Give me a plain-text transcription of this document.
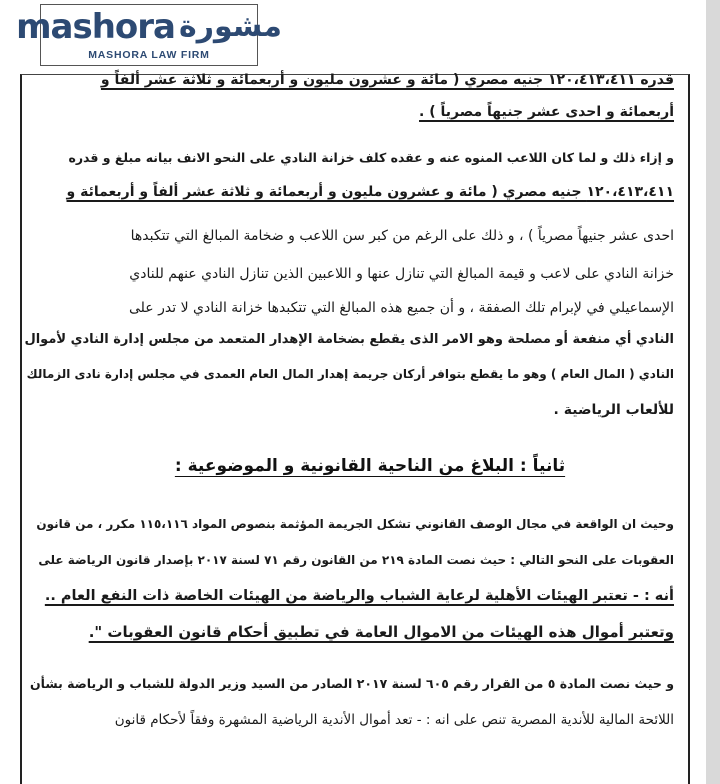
mashora مشورة
MASHORA LAW FIRM
قدره ١٢٠،٤١٣،٤١١ جنيه مصري ( مائة و عشرون مليون و أربعمائة و ثلاثة عشر ألفاً و
أربعمائة و احدى عشر جنيهاً مصرياً ) .
و إزاء ذلك و لما كان اللاعب المنوه عنه و عقده كلف خزانة النادي على النحو الانف بيانه مبلغ و قدره
١٢٠،٤١٣،٤١١ جنيه مصري ( مائة و عشرون مليون و أربعمائة و ثلاثة عشر ألفاً و أربعمائة و
احدى عشر جنيهاً مصرياً ) ، و ذلك على الرغم من كبر سن اللاعب و ضخامة المبالغ التي تتكبدها
خزانة النادي على لاعب و قيمة المبالغ التي تنازل عنها و اللاعبين الذين تنازل النادي عنهم للنادي
الإسماعيلي في لإبرام تلك الصفقة ، و أن جميع هذه المبالغ التي تتكبدها خزانة النادي لا تدر على
النادي أي منفعة أو مصلحة وهو الامر الذى يقطع بضخامة الإهدار المتعمد من مجلس إدارة النادي لأموال
النادي ( المال العام ) وهو ما يقطع بتوافر أركان جريمة إهدار المال العام العمدى في مجلس إدارة نادى الزمالك
للألعاب الرياضية .
ثانياً : البلاغ من الناحية القانونية و الموضوعية :
وحيث ان الواقعة في مجال الوصف القانوني تشكل الجريمة المؤثمة بنصوص المواد ١١٥،١١٦ مكرر ، من قانون
العقوبات على النحو التالي : حيث نصت المادة ٢١٩ من القانون رقم ٧١ لسنة ٢٠١٧ بإصدار قانون الرياضة على
أنه : - تعتبر الهيئات الأهلية لرعاية الشباب والرياضة من الهيئات الخاصة ذات النفع العام ..
وتعتبر أموال هذه الهيئات من الاموال العامة في تطبيق أحكام قانون العقوبات ".
و حيث نصت المادة ٥ من القرار رقم ٦٠٥ لسنة ٢٠١٧ الصادر من السيد وزير الدولة للشباب و الرياضة بشأن
اللائحة المالية للأندية المصرية تنص على انه : - تعد أموال الأندية الرياضية المشهرة وفقاً لأحكام قانون
